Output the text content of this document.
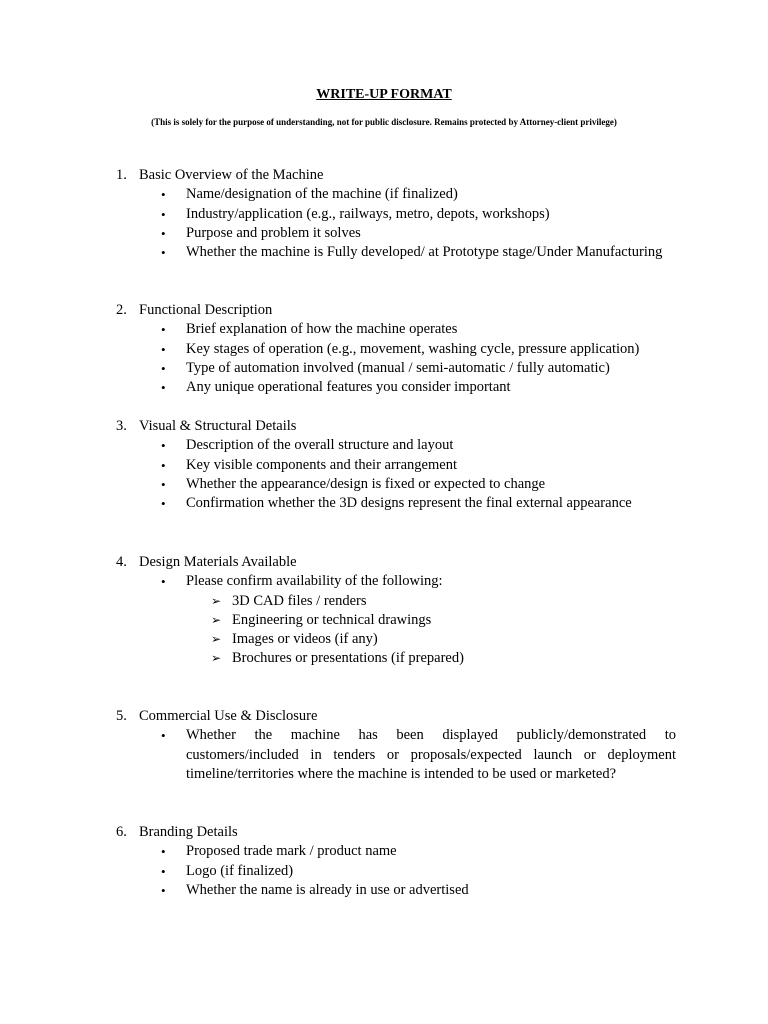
WRITE-UP FORMAT
(This is solely for the purpose of understanding, not for public disclosure. Remains protected by Attorney-client privilege)
1. Basic Overview of the Machine
• Name/designation of the machine (if finalized)
• Industry/application (e.g., railways, metro, depots, workshops)
• Purpose and problem it solves
• Whether the machine is Fully developed/ at Prototype stage/Under Manufacturing
2. Functional Description
• Brief explanation of how the machine operates
• Key stages of operation (e.g., movement, washing cycle, pressure application)
• Type of automation involved (manual / semi-automatic / fully automatic)
• Any unique operational features you consider important
3. Visual & Structural Details
• Description of the overall structure and layout
• Key visible components and their arrangement
• Whether the appearance/design is fixed or expected to change
• Confirmation whether the 3D designs represent the final external appearance
4. Design Materials Available
• Please confirm availability of the following:
➢ 3D CAD files / renders
➢ Engineering or technical drawings
➢ Images or videos (if any)
➢ Brochures or presentations (if prepared)
5. Commercial Use & Disclosure
• Whether the machine has been displayed publicly/demonstrated to customers/included in tenders or proposals/expected launch or deployment timeline/territories where the machine is intended to be used or marketed?
6. Branding Details
• Proposed trade mark / product name
• Logo (if finalized)
• Whether the name is already in use or advertised
